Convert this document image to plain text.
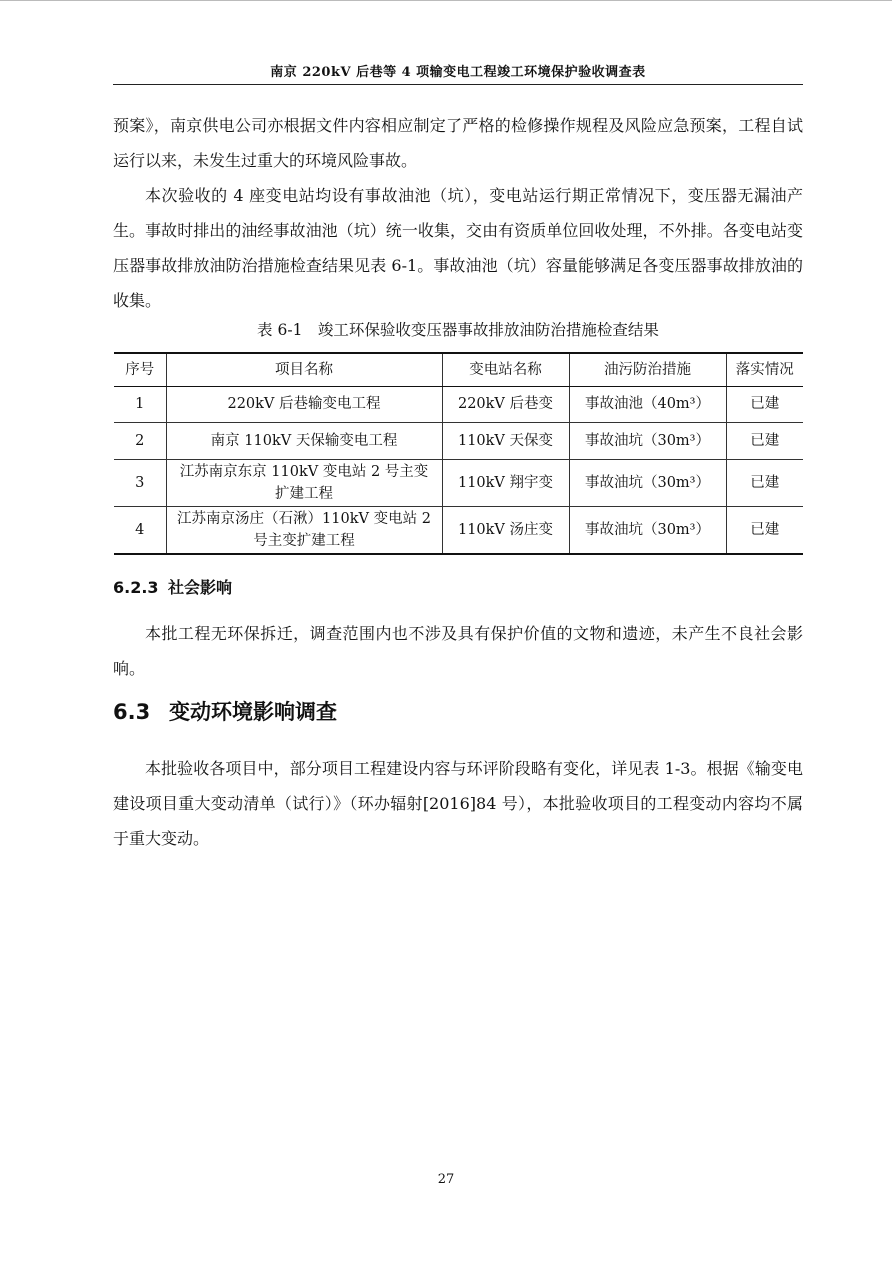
南京 220kV 后巷等 4 项输变电工程竣工环境保护验收调查表
预案》，南京供电公司亦根据文件内容相应制定了严格的检修操作规程及风险应急预案，工程自试运行以来，未发生过重大的环境风险事故。
本次验收的 4 座变电站均设有事故油池（坑），变电站运行期正常情况下，变压器无漏油产生。事故时排出的油经事故油池（坑）统一收集，交由有资质单位回收处理，不外排。各变电站变压器事故排放油防治措施检查结果见表 6-1。事故油池（坑）容量能够满足各变压器事故排放油的收集。
表 6-1　竣工环保验收变压器事故排放油防治措施检查结果
序号	项目名称	变电站名称	油污防治措施	落实情况
1	220kV 后巷输变电工程	220kV 后巷变	事故油池（40m³）	已建
2	南京 110kV 天保输变电工程	110kV 天保变	事故油坑（30m³）	已建
3	江苏南京东京 110kV 变电站 2 号主变扩建工程	110kV 翔宇变	事故油坑（30m³）	已建
4	江苏南京汤庄（石湫）110kV 变电站 2 号主变扩建工程	110kV 汤庄变	事故油坑（30m³）	已建
6.2.3 社会影响
本批工程无环保拆迁，调查范围内也不涉及具有保护价值的文物和遗迹，未产生不良社会影响。
6.3 变动环境影响调查
本批验收各项目中，部分项目工程建设内容与环评阶段略有变化，详见表 1-3。根据《输变电建设项目重大变动清单（试行）》（环办辐射[2016]84 号），本批验收项目的工程变动内容均不属于重大变动。
27
